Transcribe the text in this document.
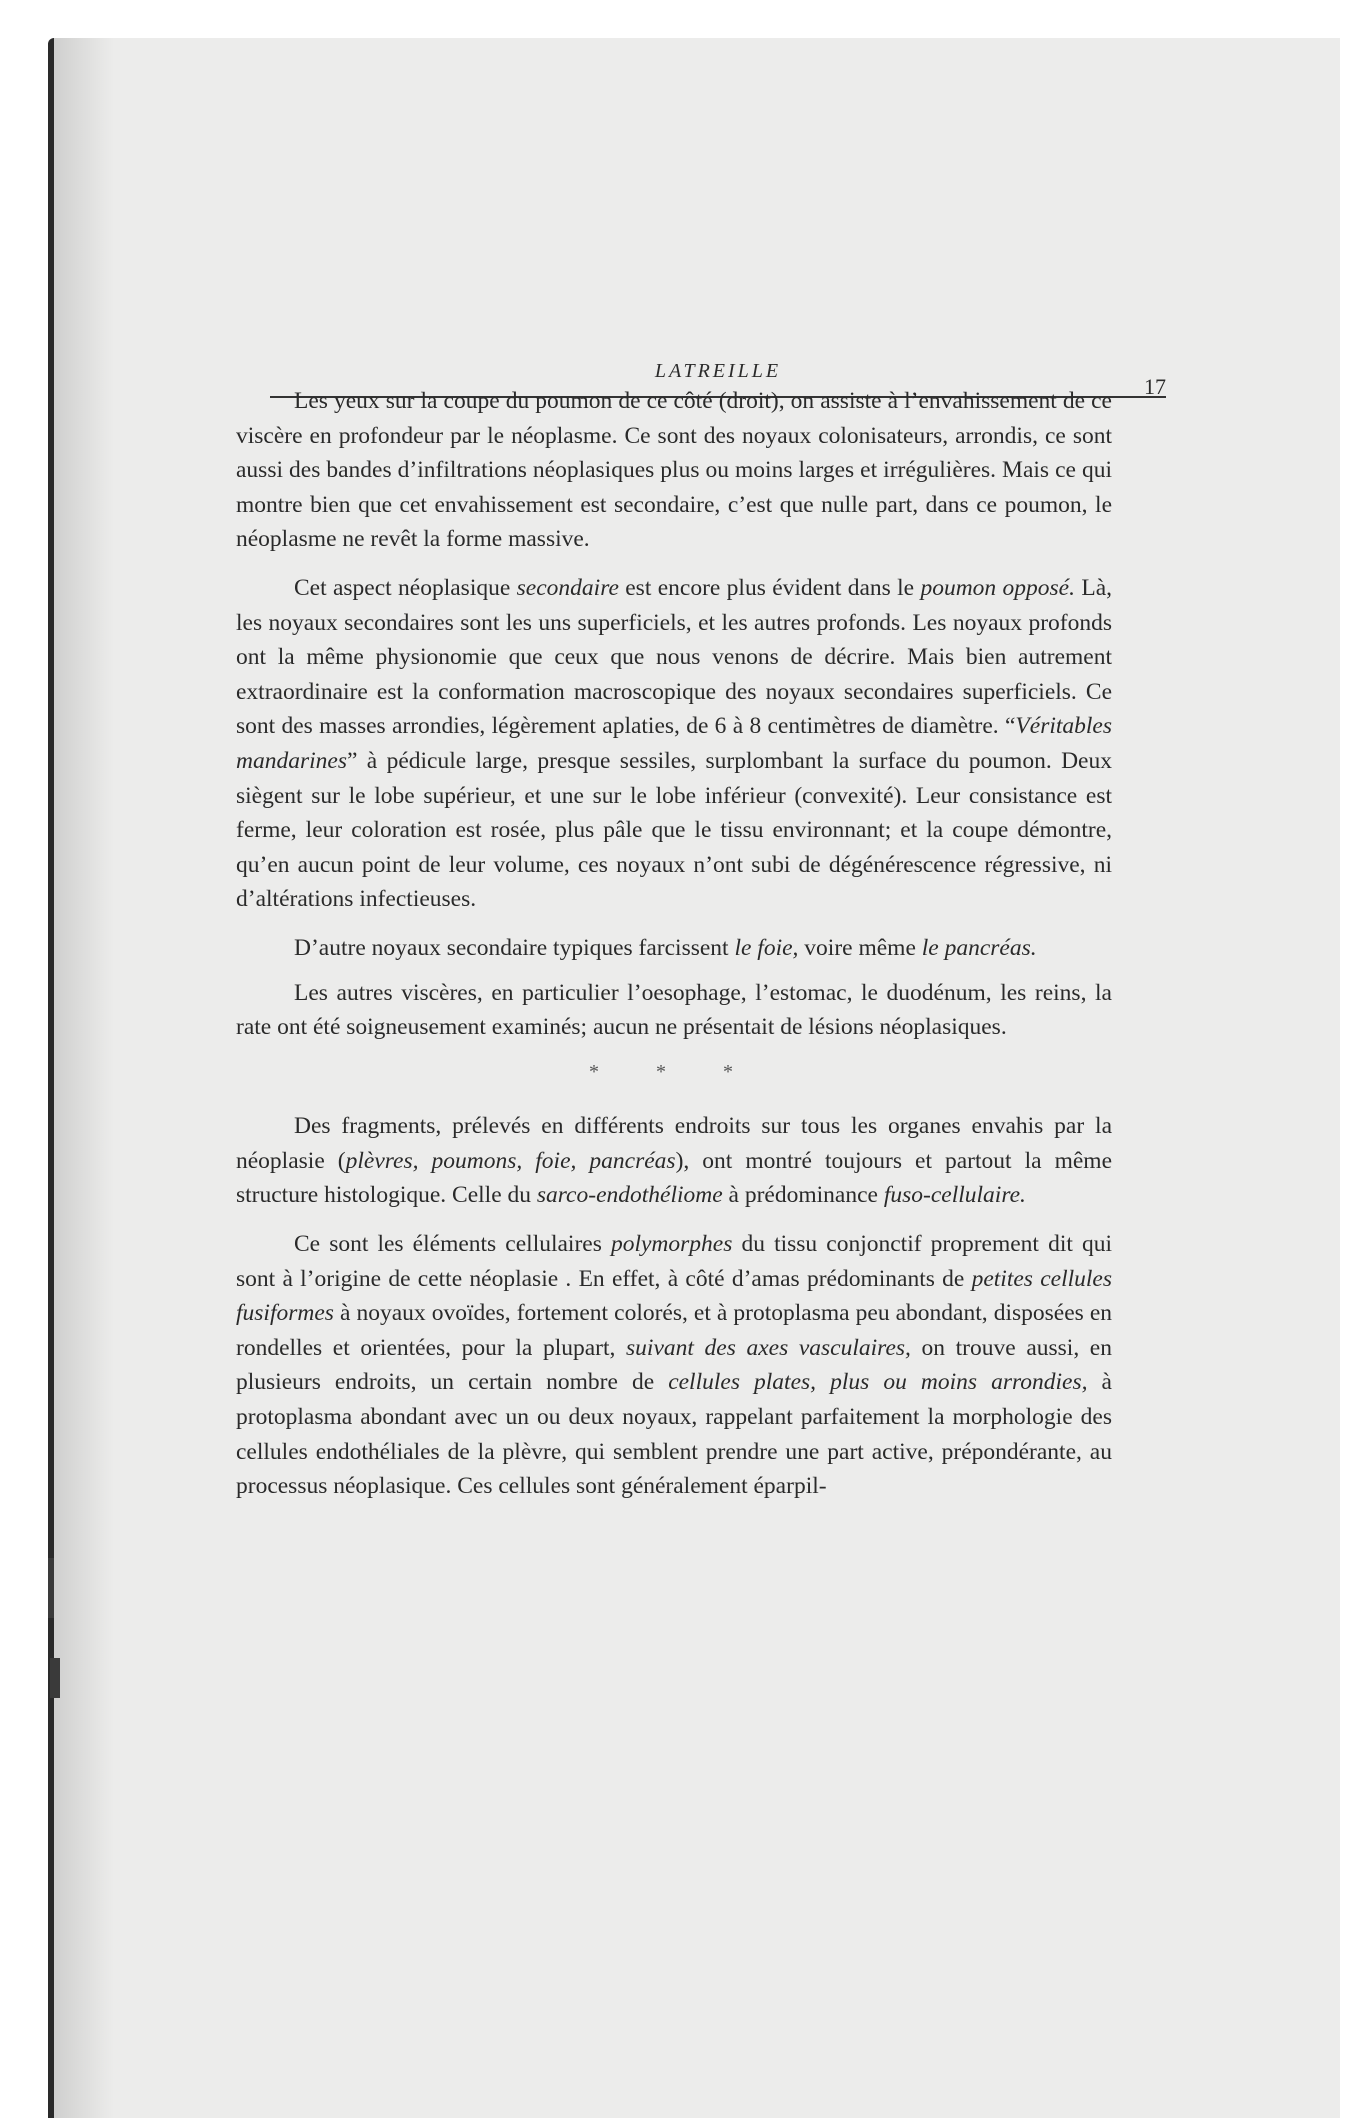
LATREILLE
17

Les yeux sur la coupe du poumon de ce côté (droit), on assiste à l’envahissement de ce viscère en profondeur par le néoplasme. Ce sont des noyaux colonisateurs, arrondis, ce sont aussi des bandes d’infiltrations néoplasiques plus ou moins larges et irrégulières. Mais ce qui montre bien que cet envahissement est secondaire, c’est que nulle part, dans ce poumon, le néoplasme ne revêt la forme massive.

Cet aspect néoplasique secondaire est encore plus évident dans le poumon opposé. Là, les noyaux secondaires sont les uns superficiels, et les autres profonds. Les noyaux profonds ont la même physionomie que ceux que nous venons de décrire. Mais bien autrement extraordinaire est la conformation macroscopique des noyaux secondaires superficiels. Ce sont des masses arrondies, légèrement aplaties, de 6 à 8 centimètres de diamètre. “Véritables mandarines” à pédicule large, presque sessiles, surplombant la surface du poumon. Deux siègent sur le lobe supérieur, et une sur le lobe inférieur (convexité). Leur consistance est ferme, leur coloration est rosée, plus pâle que le tissu environnant; et la coupe démontre, qu’en aucun point de leur volume, ces noyaux n’ont subi de dégénérescence régressive, ni d’altérations infectieuses.

D’autre noyaux secondaire typiques farcissent le foie, voire même le pancréas.

Les autres viscères, en particulier l’oesophage, l’estomac, le duodénum, les reins, la rate ont été soigneusement examinés; aucun ne présentait de lésions néoplasiques.

* * *

Des fragments, prélevés en différents endroits sur tous les organes envahis par la néoplasie (plèvres, poumons, foie, pancréas), ont montré toujours et partout la même structure histologique. Celle du sarco-endothéliome à prédominance fuso-cellulaire.

Ce sont les éléments cellulaires polymorphes du tissu conjonctif proprement dit qui sont à l’origine de cette néoplasie . En effet, à côté d’amas prédominants de petites cellules fusiformes à noyaux ovoïdes, fortement colorés, et à protoplasma peu abondant, disposées en rondelles et orientées, pour la plupart, suivant des axes vasculaires, on trouve aussi, en plusieurs endroits, un certain nombre de cellules plates, plus ou moins arrondies, à protoplasma abondant avec un ou deux noyaux, rappelant parfaitement la morphologie des cellules endothéliales de la plèvre, qui semblent prendre une part active, prépondérante, au processus néoplasique. Ces cellules sont généralement éparpil-
